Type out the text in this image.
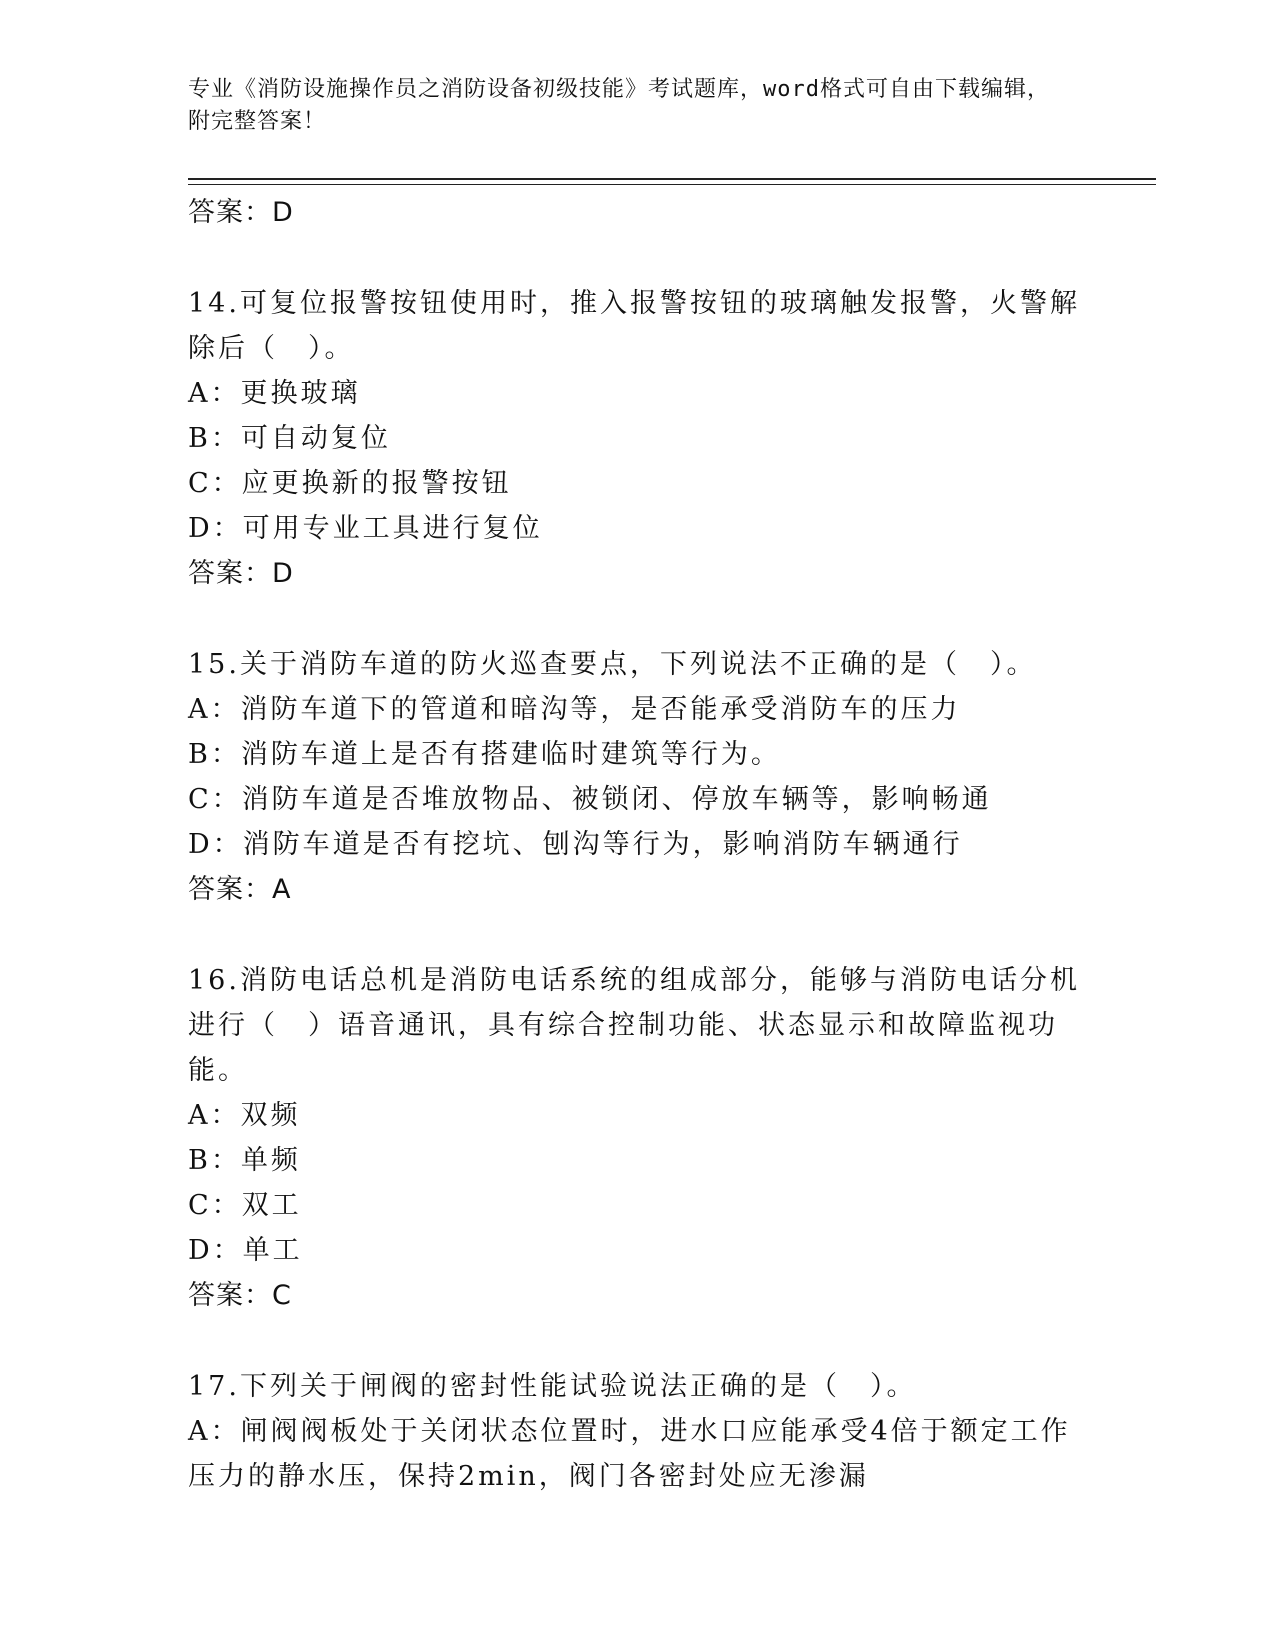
专业《消防设施操作员之消防设备初级技能》考试题库，word格式可自由下载编辑，附完整答案！
答案：D
14.可复位报警按钮使用时，推入报警按钮的玻璃触发报警，火警解除后（　）。
A：更换玻璃
B：可自动复位
C：应更换新的报警按钮
D：可用专业工具进行复位
答案：D
15.关于消防车道的防火巡查要点，下列说法不正确的是（　）。
A：消防车道下的管道和暗沟等，是否能承受消防车的压力
B：消防车道上是否有搭建临时建筑等行为。
C：消防车道是否堆放物品、被锁闭、停放车辆等，影响畅通
D：消防车道是否有挖坑、刨沟等行为，影响消防车辆通行
答案：A
16.消防电话总机是消防电话系统的组成部分，能够与消防电话分机进行（　）语音通讯，具有综合控制功能、状态显示和故障监视功能。
A：双频
B：单频
C：双工
D：单工
答案：C
17.下列关于闸阀的密封性能试验说法正确的是（　）。
A：闸阀阀板处于关闭状态位置时，进水口应能承受4倍于额定工作压力的静水压，保持2min，阀门各密封处应无渗漏
